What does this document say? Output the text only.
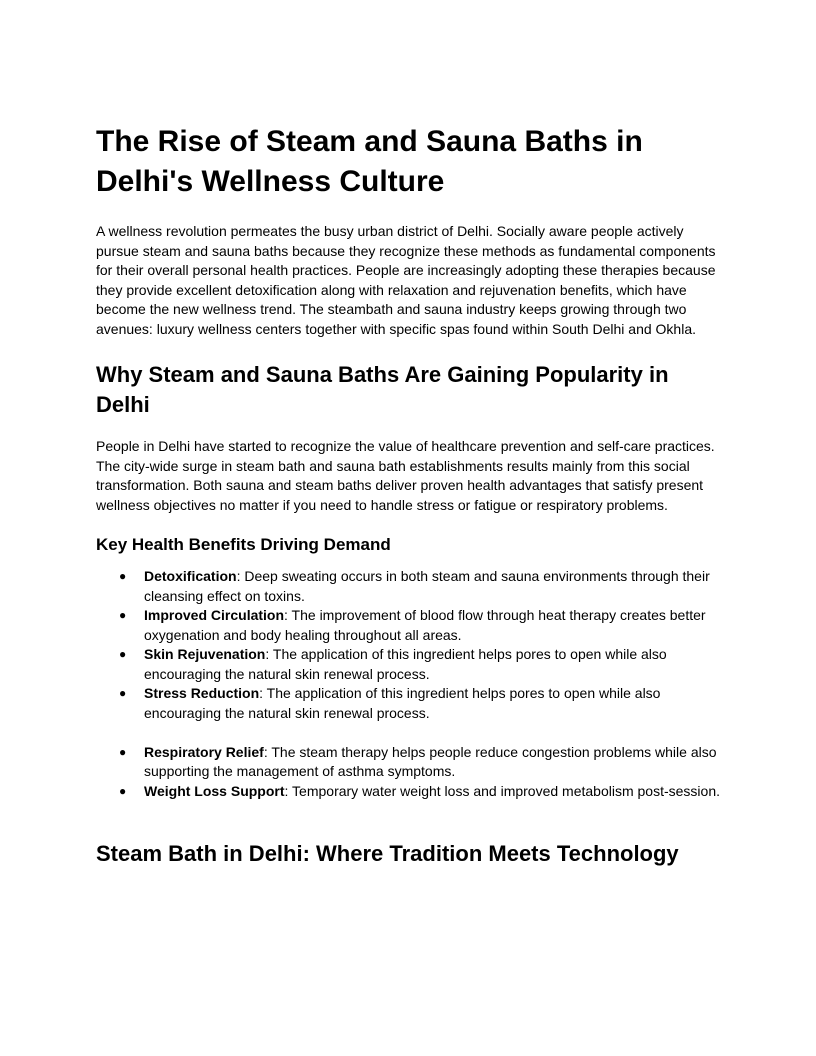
The Rise of Steam and Sauna Baths in Delhi's Wellness Culture

A wellness revolution permeates the busy urban district of Delhi. Socially aware people actively pursue steam and sauna baths because they recognize these methods as fundamental components for their overall personal health practices. People are increasingly adopting these therapies because they provide excellent detoxification along with relaxation and rejuvenation benefits, which have become the new wellness trend. The steambath and sauna industry keeps growing through two avenues: luxury wellness centers together with specific spas found within South Delhi and Okhla.

Why Steam and Sauna Baths Are Gaining Popularity in Delhi

People in Delhi have started to recognize the value of healthcare prevention and self-care practices. The city-wide surge in steam bath and sauna bath establishments results mainly from this social transformation. Both sauna and steam baths deliver proven health advantages that satisfy present wellness objectives no matter if you need to handle stress or fatigue or respiratory problems.

Key Health Benefits Driving Demand
● Detoxification: Deep sweating occurs in both steam and sauna environments through their cleansing effect on toxins.
● Improved Circulation: The improvement of blood flow through heat therapy creates better oxygenation and body healing throughout all areas.
● Skin Rejuvenation: The application of this ingredient helps pores to open while also encouraging the natural skin renewal process.
● Stress Reduction: The application of this ingredient helps pores to open while also encouraging the natural skin renewal process.
● Respiratory Relief: The steam therapy helps people reduce congestion problems while also supporting the management of asthma symptoms.
● Weight Loss Support: Temporary water weight loss and improved metabolism post-session.
Steam Bath in Delhi: Where Tradition Meets Technology
